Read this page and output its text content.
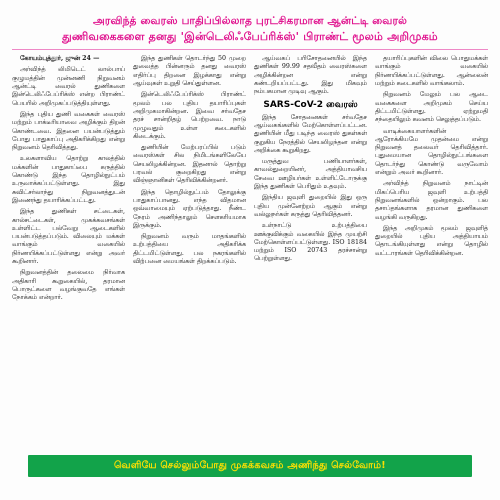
அரவிந்த் வைரஸ் பாதிப்பில்லாத புரட்சிகரமான ஆன்ட்டி வைரல்
துணிவகைகளை தனது 'இன்டெலிஃபேப்ரிக்ஸ்' பிராண்ட் மூலம் அறிமுகம்

கோயம்புத்தூர், ஜுன் 24 —

அர்விந்த் லிமிடெட் லால்பாய் குழுமத்தின் முன்னணி நிறுவனம் ஆன்ட்டி வைரல் துணிகளை இன்டெலிஃபேப்ரிக்ஸ் என்ற பிராண்ட் பெயரில் அறிமுகப்படுத்தியுள்ளது.

இந்த புதிய துணி வகைகள் வைரஸ் மற்றும் பாக்டீரியாவை அழிக்கும் திறன் கொண்டவை. இதனை பயன்படுத்தும் போது பாதுகாப்பு அதிகரிக்கிறது என்று நிறுவனம் தெரிவித்தது.

உலகளாவிய தொற்று காலத்தில் மக்களின் பாதுகாப்பை கருத்தில் கொண்டு இந்த தொழில்நுட்பம் உருவாக்கப்பட்டுள்ளது. இது சுவிட்சர்லாந்து நிறுவனத்துடன் இணைந்து தயாரிக்கப்பட்டது.

இந்த துணிகள் சட்டைகள், கால்சட்டைகள், முகக்கவசங்கள் உள்ளிட்ட பல்வேறு ஆடைகளில் பயன்படுத்தப்படும். விலையும் மக்கள் வாங்கும் வகையில் நிர்ணயிக்கப்பட்டுள்ளது என்று அவர் கூறினார்.

நிறுவனத்தின் தலைமை நிர்வாக அதிகாரி கூறுகையில், தரமான பொருட்களை வழங்குவதே எங்கள் நோக்கம் என்றார்.

இந்த துணிகள் தொடர்ந்து 50 முறை துவைத்த பின்னரும் தனது வைரஸ் எதிர்ப்பு திறனை இழக்காது என்று ஆய்வுகள் உறுதி செய்துள்ளன.

இன்டெலிஃபேப்ரிக்ஸ் பிராண்ட் மூலம் பல புதிய தயாரிப்புகள் அறிமுகமாகின்றன. இவை சர்வதேச தரச் சான்றிதழ் பெற்றவை. நாடு முழுவதும் உள்ள கடைகளில் கிடைக்கும்.

துணியின் மேற்பரப்பில் படும் வைரஸ்கள் சில நிமிடங்களிலேயே செயலிழக்கின்றன. இதனால் தொற்று பரவல் குறைகிறது என்று விஞ்ஞானிகள் தெரிவிக்கின்றனர்.

இந்த தொழில்நுட்பம் தோலுக்கு பாதுகாப்பானது. எந்த விதமான ஒவ்வாமையும் ஏற்படுத்தாது. நீண்ட நேரம் அணிந்தாலும் சௌகரியமாக இருக்கும்.

நிறுவனம் வரும் மாதங்களில் உற்பத்தியை அதிகரிக்க திட்டமிட்டுள்ளது. பல நகரங்களில் விற்பனை மையங்கள் திறக்கப்படும்.

ஆய்வகப் பரிசோதனையில் இந்த துணிகள் 99.99 சதவீதம் வைரஸ்களை அழிக்கின்றன என்று கண்டறியப்பட்டது. இது மிகவும் நம்பகமான முடிவு ஆகும்.

SARS-CoV-2 வைரஸ்

இந்த சோதனைகள் சர்வதேச ஆய்வகங்களில் மேற்கொள்ளப்பட்டன. துணியின் மீது படிந்த வைரஸ் துகள்கள் குறுகிய நேரத்தில் செயலிழந்தன என்று அறிக்கை கூறுகிறது.

மருத்துவ பணியாளர்கள், காவல்துறையினர், அத்தியாவசிய சேவை ஊழியர்கள் உள்ளிட்டோருக்கு இந்த துணிகள் பெரிதும் உதவும்.

இந்திய ஜவுளி துறையில் இது ஒரு புதிய முன்னேற்றம் ஆகும் என்று வல்லுநர்கள் கருத்து தெரிவித்தனர்.

உள்நாட்டு உற்பத்தியை ஊக்குவிக்கும் வகையில் இந்த முயற்சி மேற்கொள்ளப்பட்டுள்ளது. ISO 18184 மற்றும் ISO 20743 தரச்சான்று பெற்றுள்ளது.

தயாரிப்புகளின் விலை பொதுமக்கள் வாங்கும் வகையில் நிர்ணயிக்கப்பட்டுள்ளது. ஆன்லைன் மற்றும் கடைகளில் வாங்கலாம்.

நிறுவனம் மேலும் பல ஆடை வகைகளை அறிமுகம் செய்ய திட்டமிட்டுள்ளது. ஏற்றுமதி சந்தையிலும் கவனம் செலுத்தப்படும்.

வாடிக்கையாளர்களின் ஆரோக்கியமே முதன்மை என்று நிறுவனத் தலைவர் தெரிவித்தார். புதுமையான தொழில்நுட்பங்களை தொடர்ந்து கொண்டு வருவோம் என்றும் அவர் கூறினார்.

அர்விந்த் நிறுவனம் நாட்டின் மிகப்பெரிய ஜவுளி உற்பத்தி நிறுவனங்களில் ஒன்றாகும். பல தசாப்தங்களாக தரமான துணிகளை வழங்கி வருகிறது.

இந்த அறிமுகம் மூலம் ஜவுளித் துறையில் புதிய அத்தியாயம் தொடங்கியுள்ளது என்று தொழில் வட்டாரங்கள் தெரிவிக்கின்றன.

வெளியே செல்லும்போது முகக்கவசம் அணிந்து செல்வோம்!
